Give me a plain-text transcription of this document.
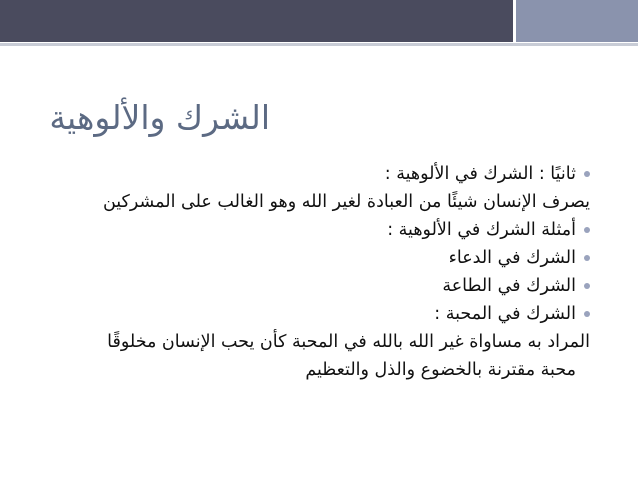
الشرك والألوهية
ثانيًا : الشرك في الألوهية :
يصرف الإنسان شيئًا من العبادة لغير الله وهو الغالب على المشركين
أمثلة الشرك في الألوهية :
الشرك في الدعاء
الشرك في الطاعة
الشرك في المحبة :
المراد به مساواة غير الله بالله في المحبة كأن يحب الإنسان مخلوقًا
محبة مقترنة بالخضوع والذل والتعظيم
